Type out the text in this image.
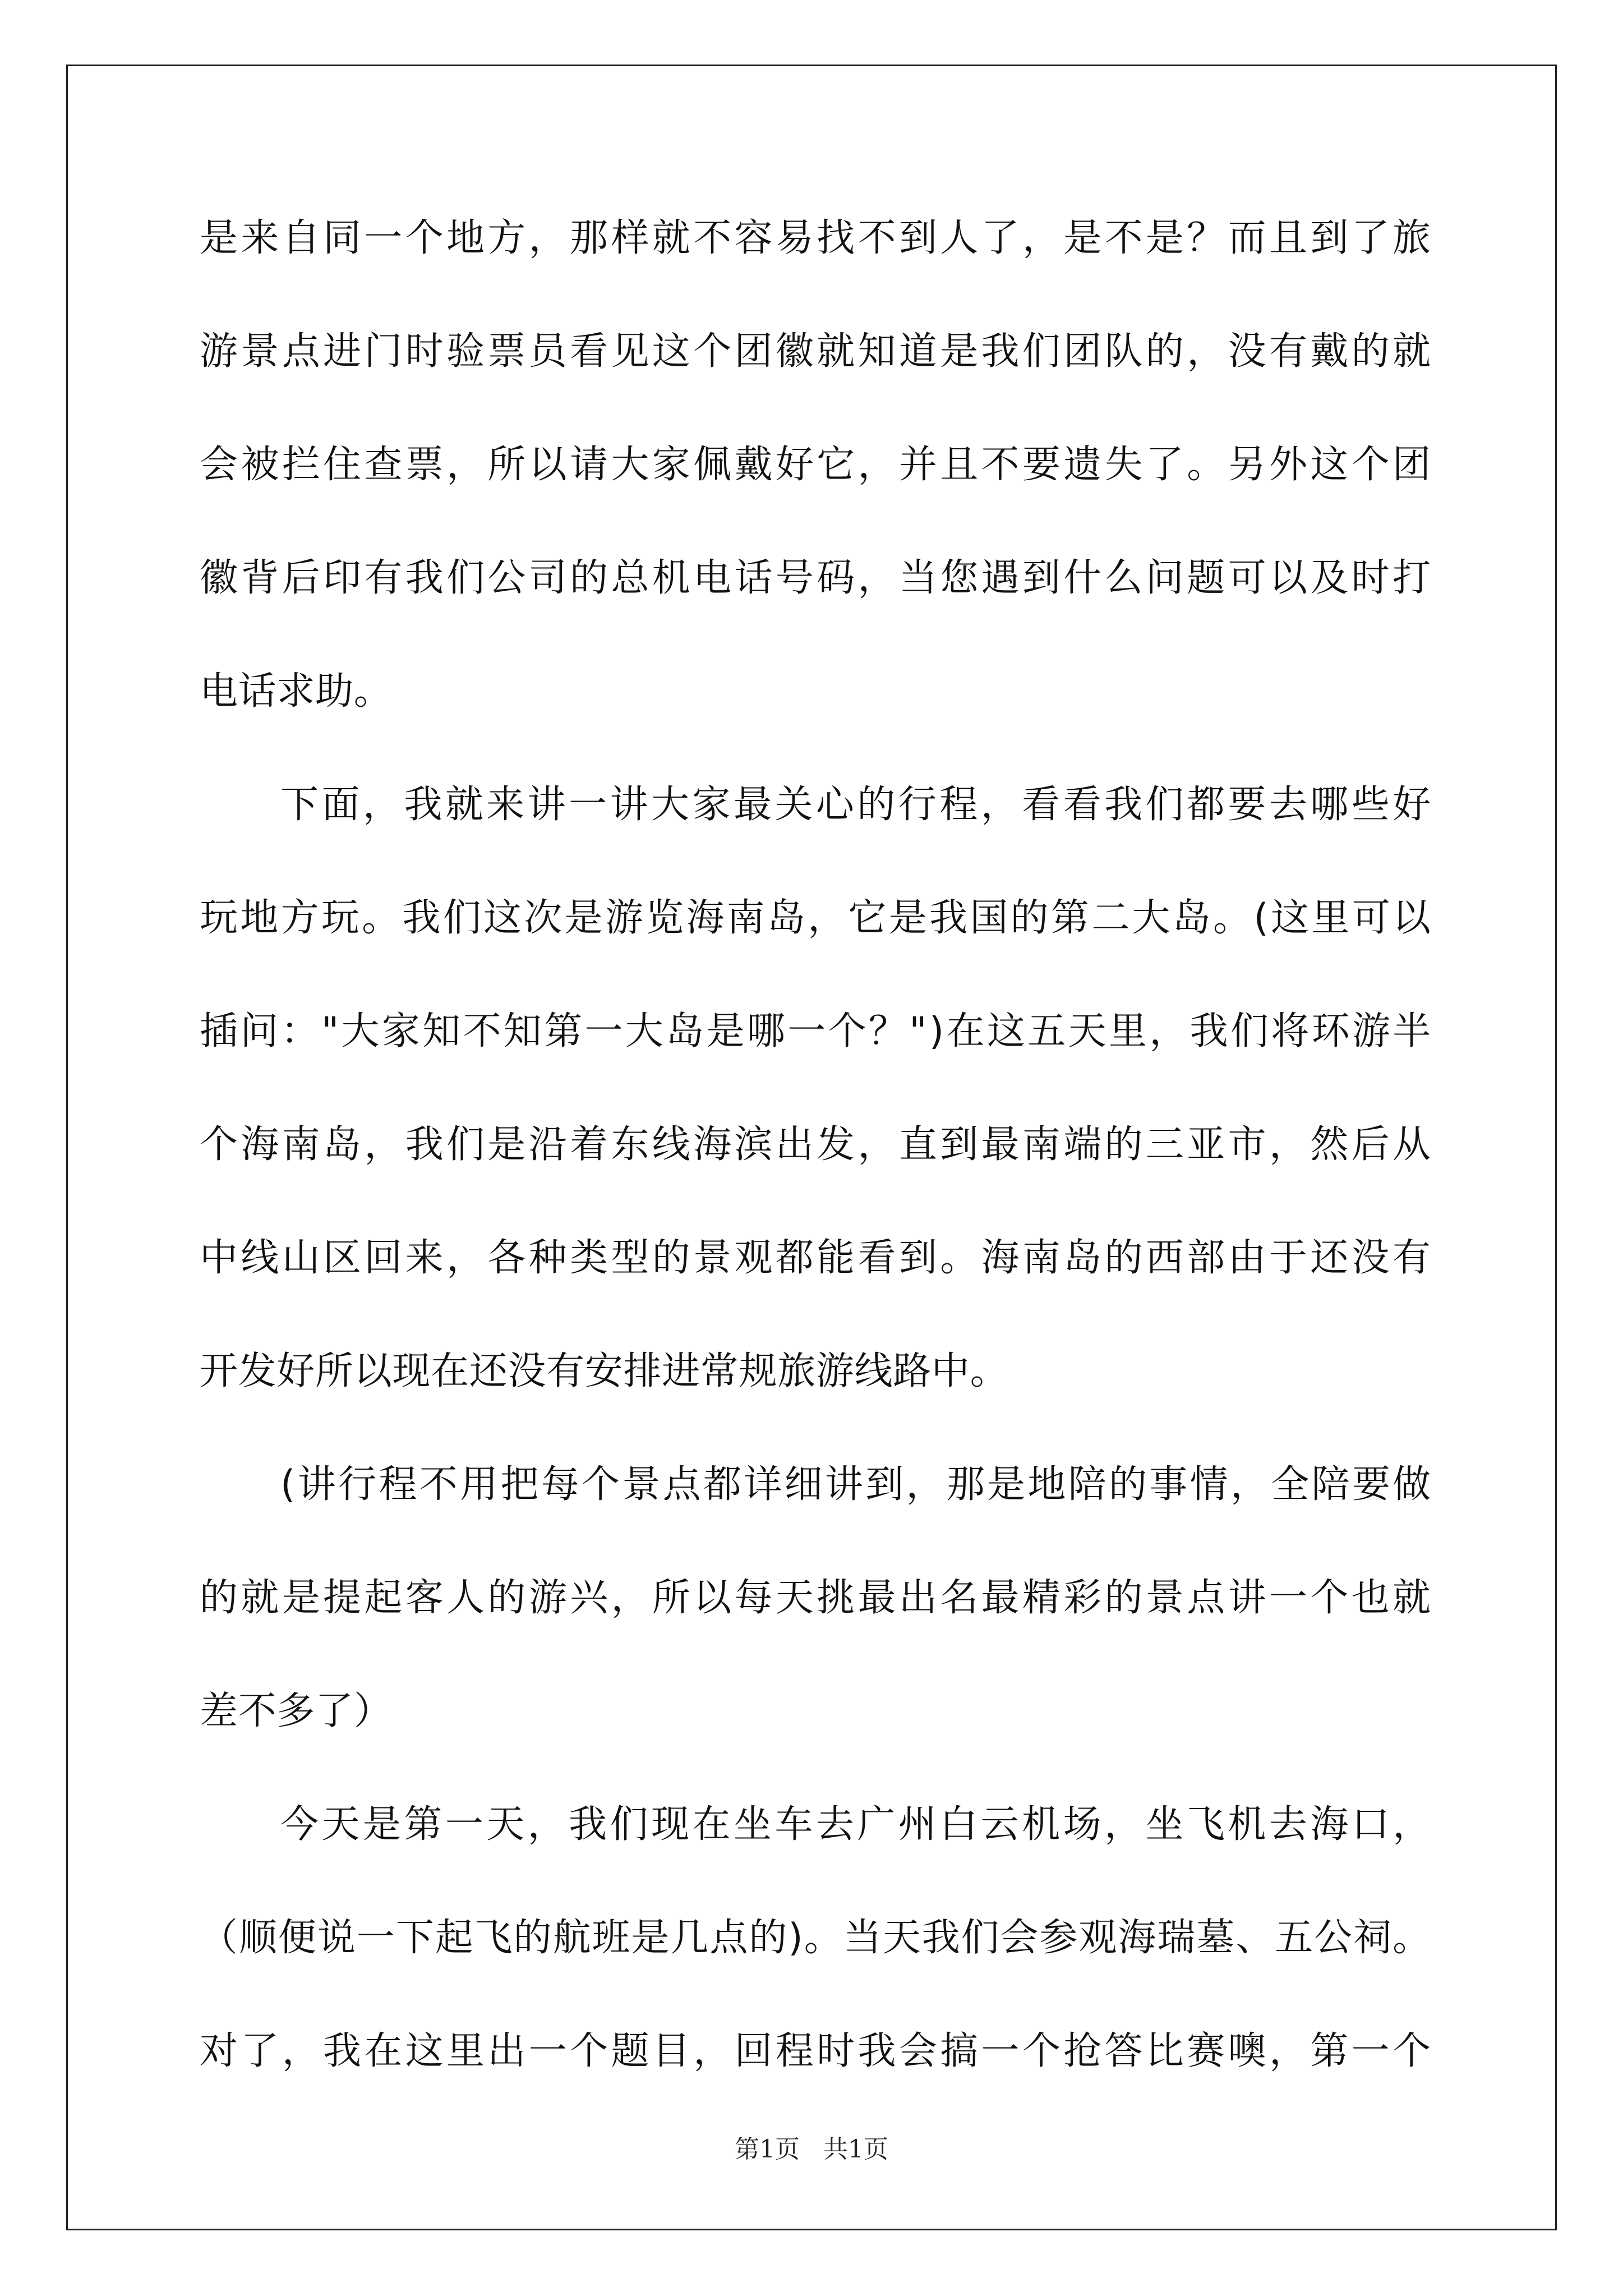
是 来 自 同 一 个 地 方 ， 那 样 就 不 容 易 找 不 到 人 了 ， 是 不 是 ？ 而 且 到 了 旅
游 景 点 进 门 时 验 票 员 看 见 这 个 团 徽 就 知 道 是 我 们 团 队 的 ， 没 有 戴 的 就
会 被 拦 住 查 票 ， 所 以 请 大 家 佩 戴 好 它 ， 并 且 不 要 遗 失 了 。 另 外 这 个 团
徽 背 后 印 有 我 们 公 司 的 总 机 电 话 号 码 ， 当 您 遇 到 什 么 问 题 可 以 及 时 打
电话求助。
下 面 ， 我 就 来 讲 一 讲 大 家 最 关 心 的 行 程 ， 看 看 我 们 都 要 去 哪 些 好
玩 地 方 玩 。 我 们 这 次 是 游 览 海 南 岛 ， 它 是 我 国 的 第 二 大 岛 。 ( 这 里 可 以
插 问 ： " 大 家 知 不 知 第 一 大 岛 是 哪 一 个 ？ " ) 在 这 五 天 里 ， 我 们 将 环 游 半
个 海 南 岛 ， 我 们 是 沿 着 东 线 海 滨 出 发 ， 直 到 最 南 端 的 三 亚 市 ， 然 后 从
中 线 山 区 回 来 ， 各 种 类 型 的 景 观 都 能 看 到 。 海 南 岛 的 西 部 由 于 还 没 有
开发好所以现在还没有安排进常规旅游线路中。
( 讲 行 程 不 用 把 每 个 景 点 都 详 细 讲 到 ， 那 是 地 陪 的 事 情 ， 全 陪 要 做
的 就 是 提 起 客 人 的 游 兴 ， 所 以 每 天 挑 最 出 名 最 精 彩 的 景 点 讲 一 个 也 就
差不多了）
今 天 是 第 一 天 ， 我 们 现 在 坐 车 去 广 州 白 云 机 场 ， 坐 飞 机 去 海 口 ，
（ 顺 便 说 一 下 起 飞 的 航 班 是 几 点 的 ) 。 当 天 我 们 会 参 观 海 瑞 墓 、 五 公 祠 。
对 了 ， 我 在 这 里 出 一 个 题 目 ， 回 程 时 我 会 搞 一 个 抢 答 比 赛 噢 ， 第 一 个
第1页   共1页
